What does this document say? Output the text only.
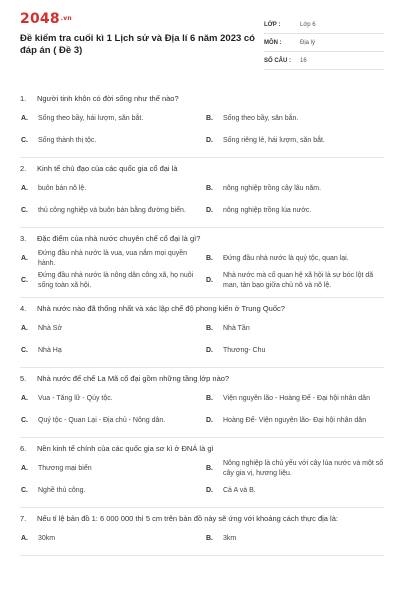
2048.vn
Đề kiểm tra cuối kì 1 Lịch sử và Địa lí 6 năm 2023 có đáp án ( Đề 3)
LỚP :	Lớp 6
MÔN :	Địa lý
SỐ CÂU :	16
1.	Người tinh khôn có đời sống như thế nào?
A.	Sống theo bầy, hái lượm, săn bắt.	B.	Sống theo bầy, săn bắn.
C.	Sống thành thị tộc.	D.	Sống riêng lẻ, hái lượm, săn bắt.
2.	Kinh tế chủ đạo của các quốc gia cổ đại là
A.	buôn bán nô lệ.	B.	nông nghiệp trồng cây lâu năm.
C.	thủ công nghiệp và buôn bán bằng đường biển.	D.	nông nghiệp trồng lúa nước.
3.	Đặc điểm của nhà nước chuyên chế cổ đại là gì?
A.
Đứng đầu nhà nước là vua, vua nắm mọi quyền hành.
B.	Đứng đầu nhà nước là quý tộc, quan lại.
C.
Đứng đầu nhà nước là nông dân công xã, họ nuôi sống toàn xã hội.
D.
Nhà nước mà cố quan hệ xã hội là sự bóc lột dã man, tàn bạo giữa chủ nô và nô lệ.
4.	Nhà nước nào đã thống nhất và xác lập chế độ phong kiến ở Trung Quốc?
A.	Nhà Sở	B.	Nhà Tần
C.	Nhà Hạ	D.	Thương- Chu
5.	Nhà nước đế chế La Mã cổ đại gồm những tầng lớp nào?
A.	Vua - Tăng lữ - Qúy tộc.	B.	Viện nguyên lão - Hoàng Đế - Đại hội nhân dân
C.	Quý tộc - Quan Lại - Địa chủ - Nông dân.	D.	Hoàng Đế- Viện nguyên lão- Đại hội nhân dân
6.	Nền kinh tế chính của các quốc gia sơ kì ở ĐNÁ là gì
A.	Thương mại biển	B.
Nông nghiệp là chủ yếu với cây lúa nước và một số cây gia vị, hương liệu.
C.	Nghề thủ công.	D.	Cả A và B.
7.	Nếu tỉ lệ bản đồ 1: 6 000 000 thì 5 cm trên bản đồ này sẽ ứng với khoảng cách thực địa là:
A.	30km	B.	3km
